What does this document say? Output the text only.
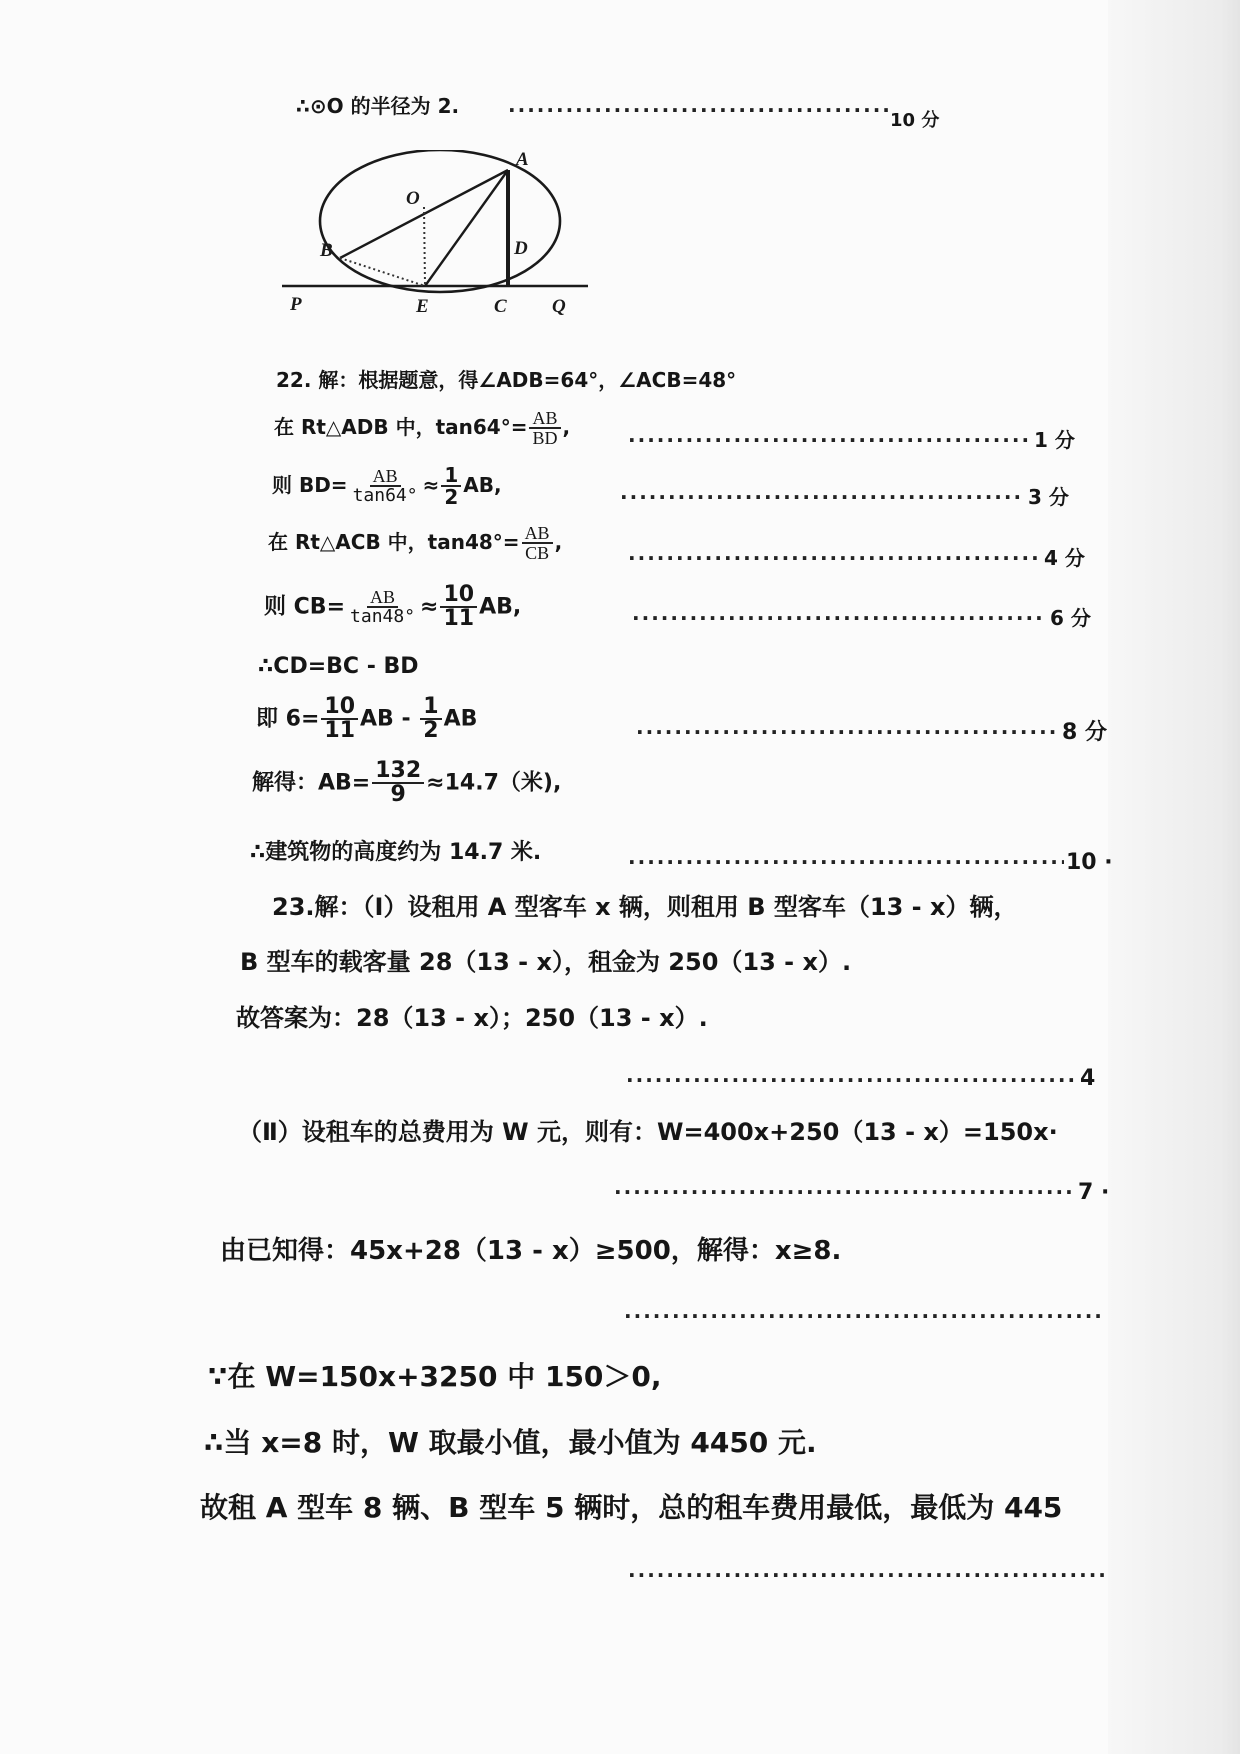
∴⊙O 的半径为 2.
·····
10 分
A
O
B	D
P	E	C Q
22. 解：根据题意，得∠ADB=64°，∠ACB=48°
在 Rt△ADB 中，$\tan 64^\circ= \frac{AB}{BD}$ ,
·····
1 分
则 $BD= \frac{AB}{\tan 64^\circ} \approx \frac{1}{2}$ AB,
·····
3 分
在 Rt△ACB 中，$\tan 48^\circ= \frac{AB}{CB}$ ,
·····
4 分
则 $CB= \frac{AB}{\tan 48^\circ} \approx \frac{10}{11}$ AB, ·····	6 分
∴CD=BC - BD
即 $6= \frac{10}{11}$ AB - $\frac{1}{2}$ AB
·····
8 分
解得：$AB= \frac{132}{9} \approx 14.7$（米),
∴建筑物的高度约为 14.7 米. ·····	10 ·
23.解：（Ⅰ）设租用 A 型客车 x 辆，则租用 B 型客车（13 - x）辆，
B 型车的载客量 28（13 - x），租金为 250（13 - x）.
故答案为：28（13 - x）；250（13 - x）.
·····
4
（Ⅱ）设租车的总费用为 W 元，则有：W=400x+250（13 - x）=150x·
·····
7 ·
由已知得：45x+28（13 - x）≥500，解得：x≥8.
·····
∵在 W=150x+3250 中 150＞0,
∴当 x=8 时，W 取最小值，最小值为 4450 元.
故租 A 型车 8 辆、B 型车 5 辆时，总的租车费用最低，最低为 445
·····
